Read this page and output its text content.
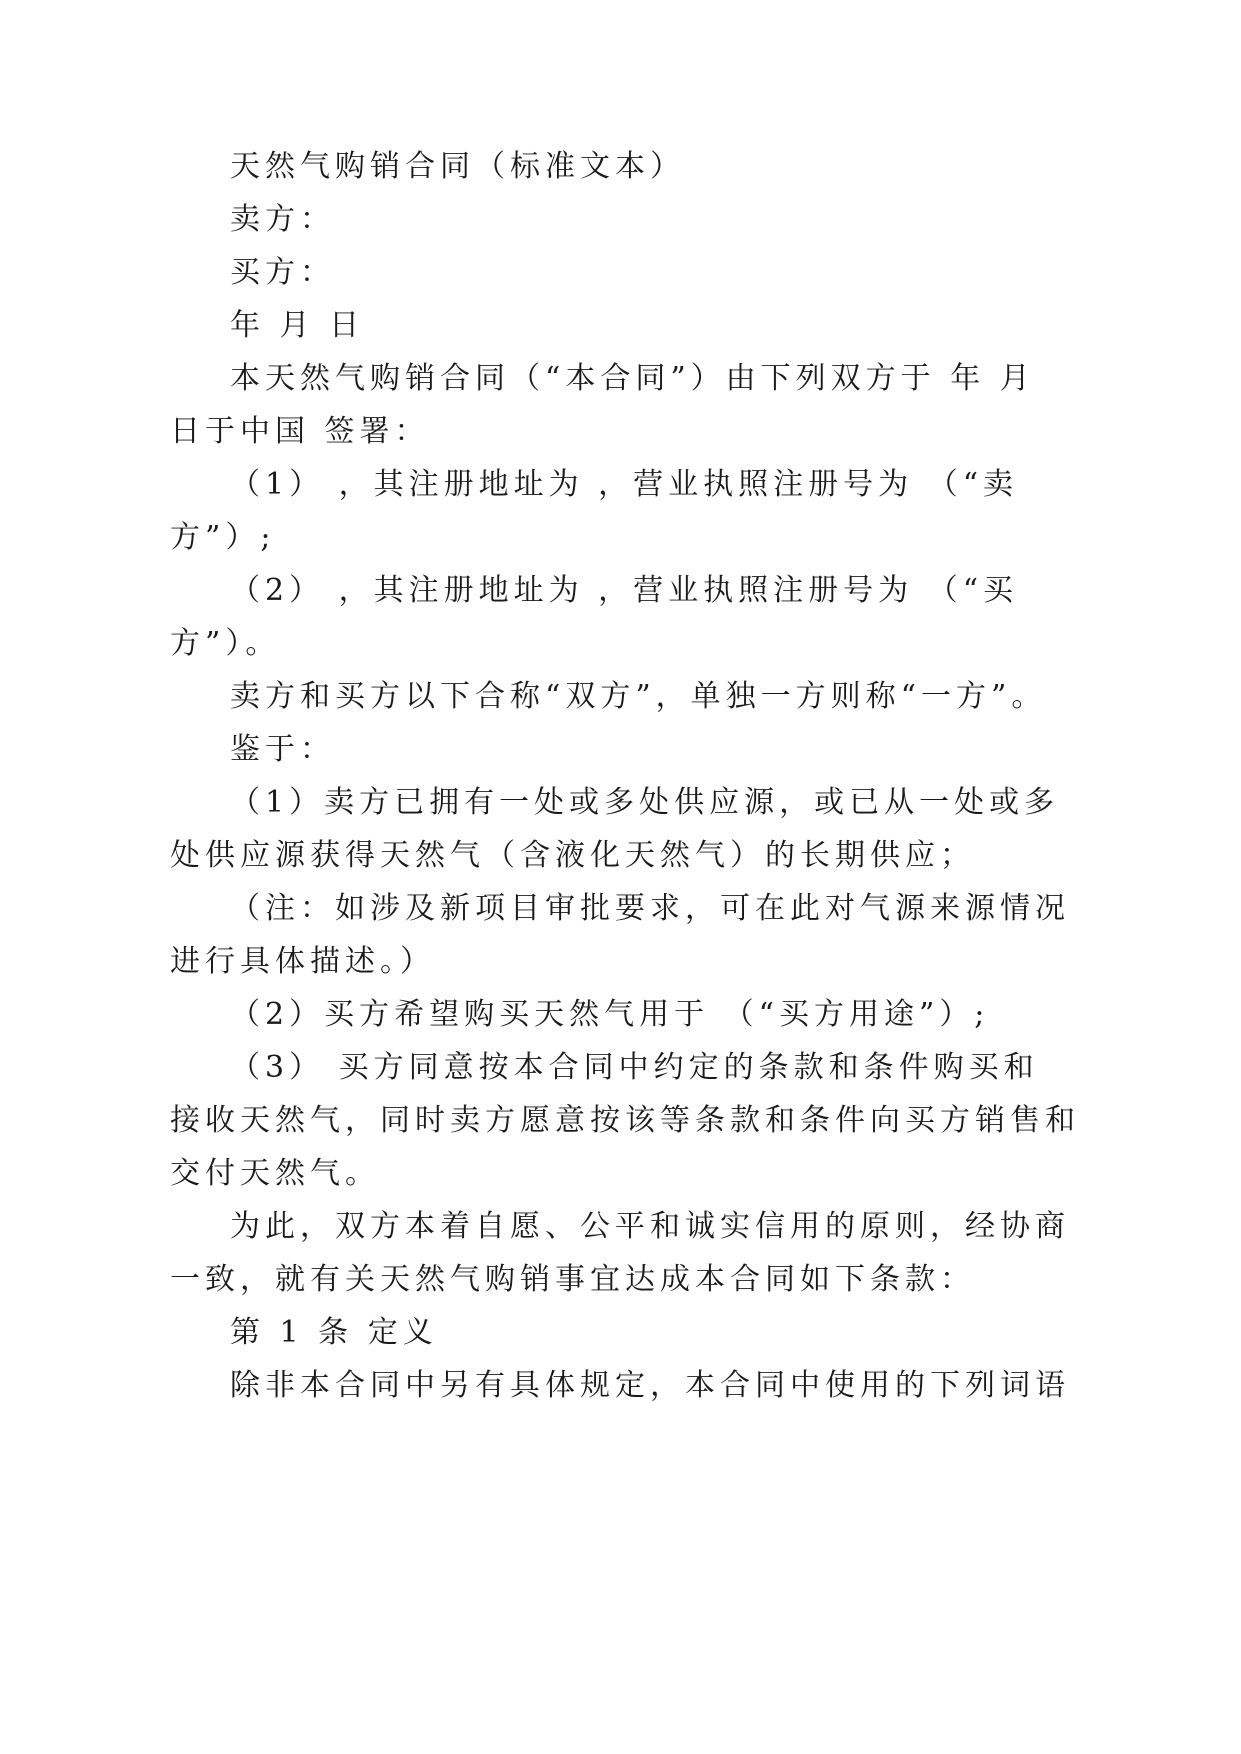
天然气购销合同（标准文本）
卖方：
买方：
年 月 日
本天然气购销合同（“本合同”）由下列双方于 年 月
日于中国 签署：
（1） ，其注册地址为 ，营业执照注册号为 （“卖
方”）;
（2） ，其注册地址为 ，营业执照注册号为 （“买
方”）。
卖方和买方以下合称“双方”，单独一方则称“一方”。
鉴于：
（1）卖方已拥有一处或多处供应源，或已从一处或多
处供应源获得天然气（含液化天然气）的长期供应；
（注：如涉及新项目审批要求，可在此对气源来源情况
进行具体描述。）
（2）买方希望购买天然气用于 （“买方用途”）;
（3） 买方同意按本合同中约定的条款和条件购买和
接收天然气，同时卖方愿意按该等条款和条件向买方销售和
交付天然气。
为此，双方本着自愿、公平和诚实信用的原则，经协商
一致，就有关天然气购销事宜达成本合同如下条款：
第 1 条 定义
除非本合同中另有具体规定，本合同中使用的下列词语
